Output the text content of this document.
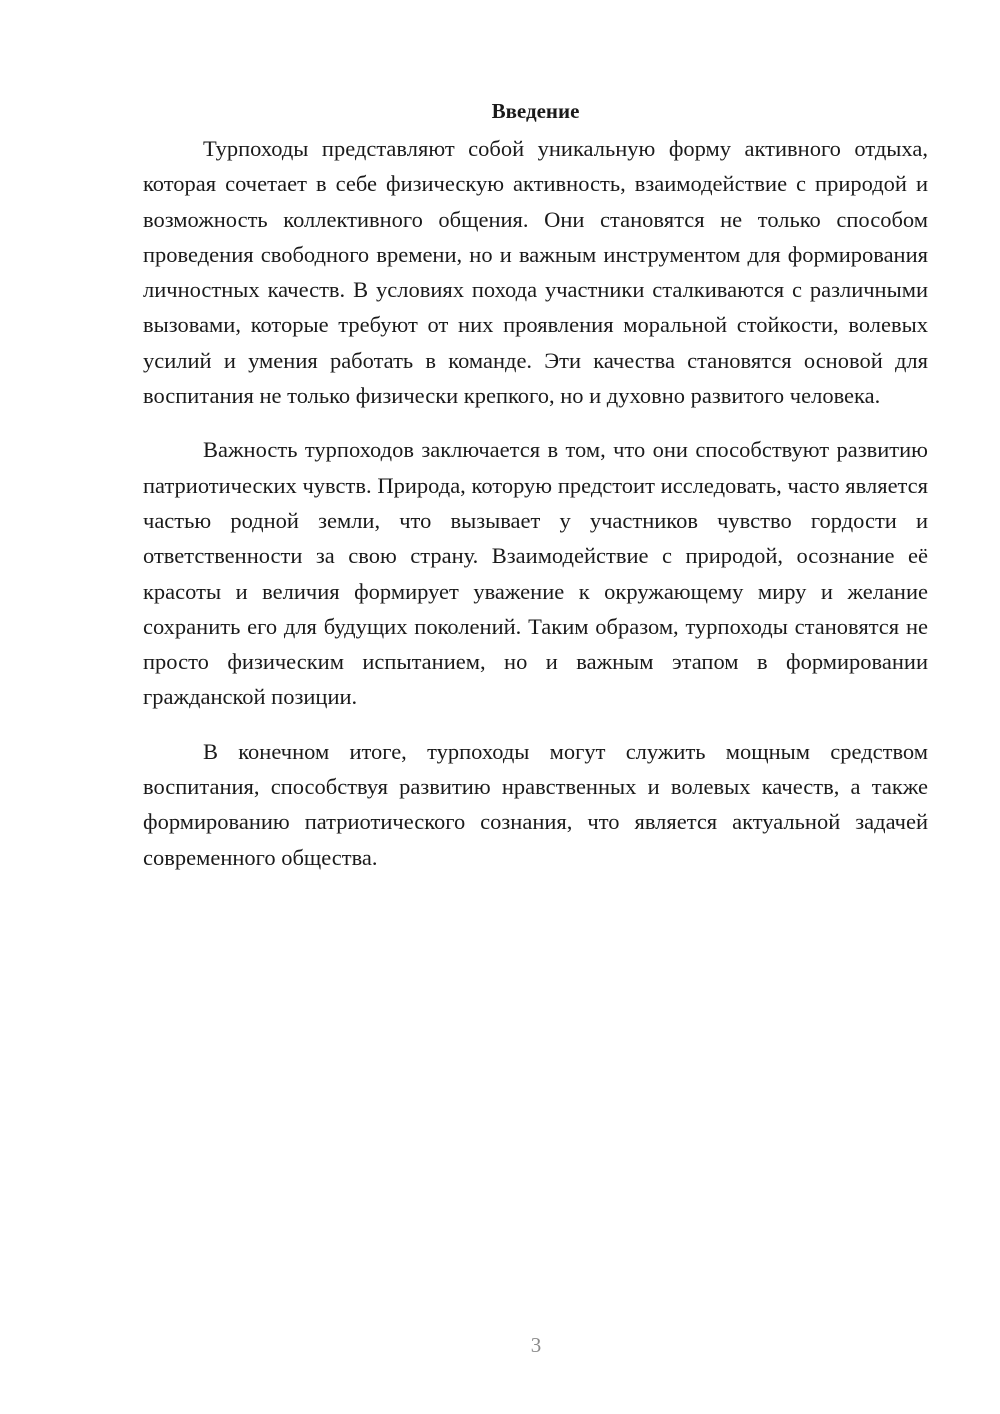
Введение

Турпоходы представляют собой уникальную форму активного отдыха, которая сочетает в себе физическую активность, взаимодействие с природой и возможность коллективного общения. Они становятся не только способом проведения свободного времени, но и важным инструментом для формирования личностных качеств. В условиях похода участники сталкиваются с различными вызовами, которые требуют от них проявления моральной стойкости, волевых усилий и умения работать в команде. Эти качества становятся основой для воспитания не только физически крепкого, но и духовно развитого человека.

Важность турпоходов заключается в том, что они способствуют развитию патриотических чувств. Природа, которую предстоит исследовать, часто является частью родной земли, что вызывает у участников чувство гордости и ответственности за свою страну. Взаимодействие с природой, осознание её красоты и величия формирует уважение к окружающему миру и желание сохранить его для будущих поколений. Таким образом, турпоходы становятся не просто физическим испытанием, но и важным этапом в формировании гражданской позиции.

В конечном итоге, турпоходы могут служить мощным средством воспитания, способствуя развитию нравственных и волевых качеств, а также формированию патриотического сознания, что является актуальной задачей современного общества.

3
